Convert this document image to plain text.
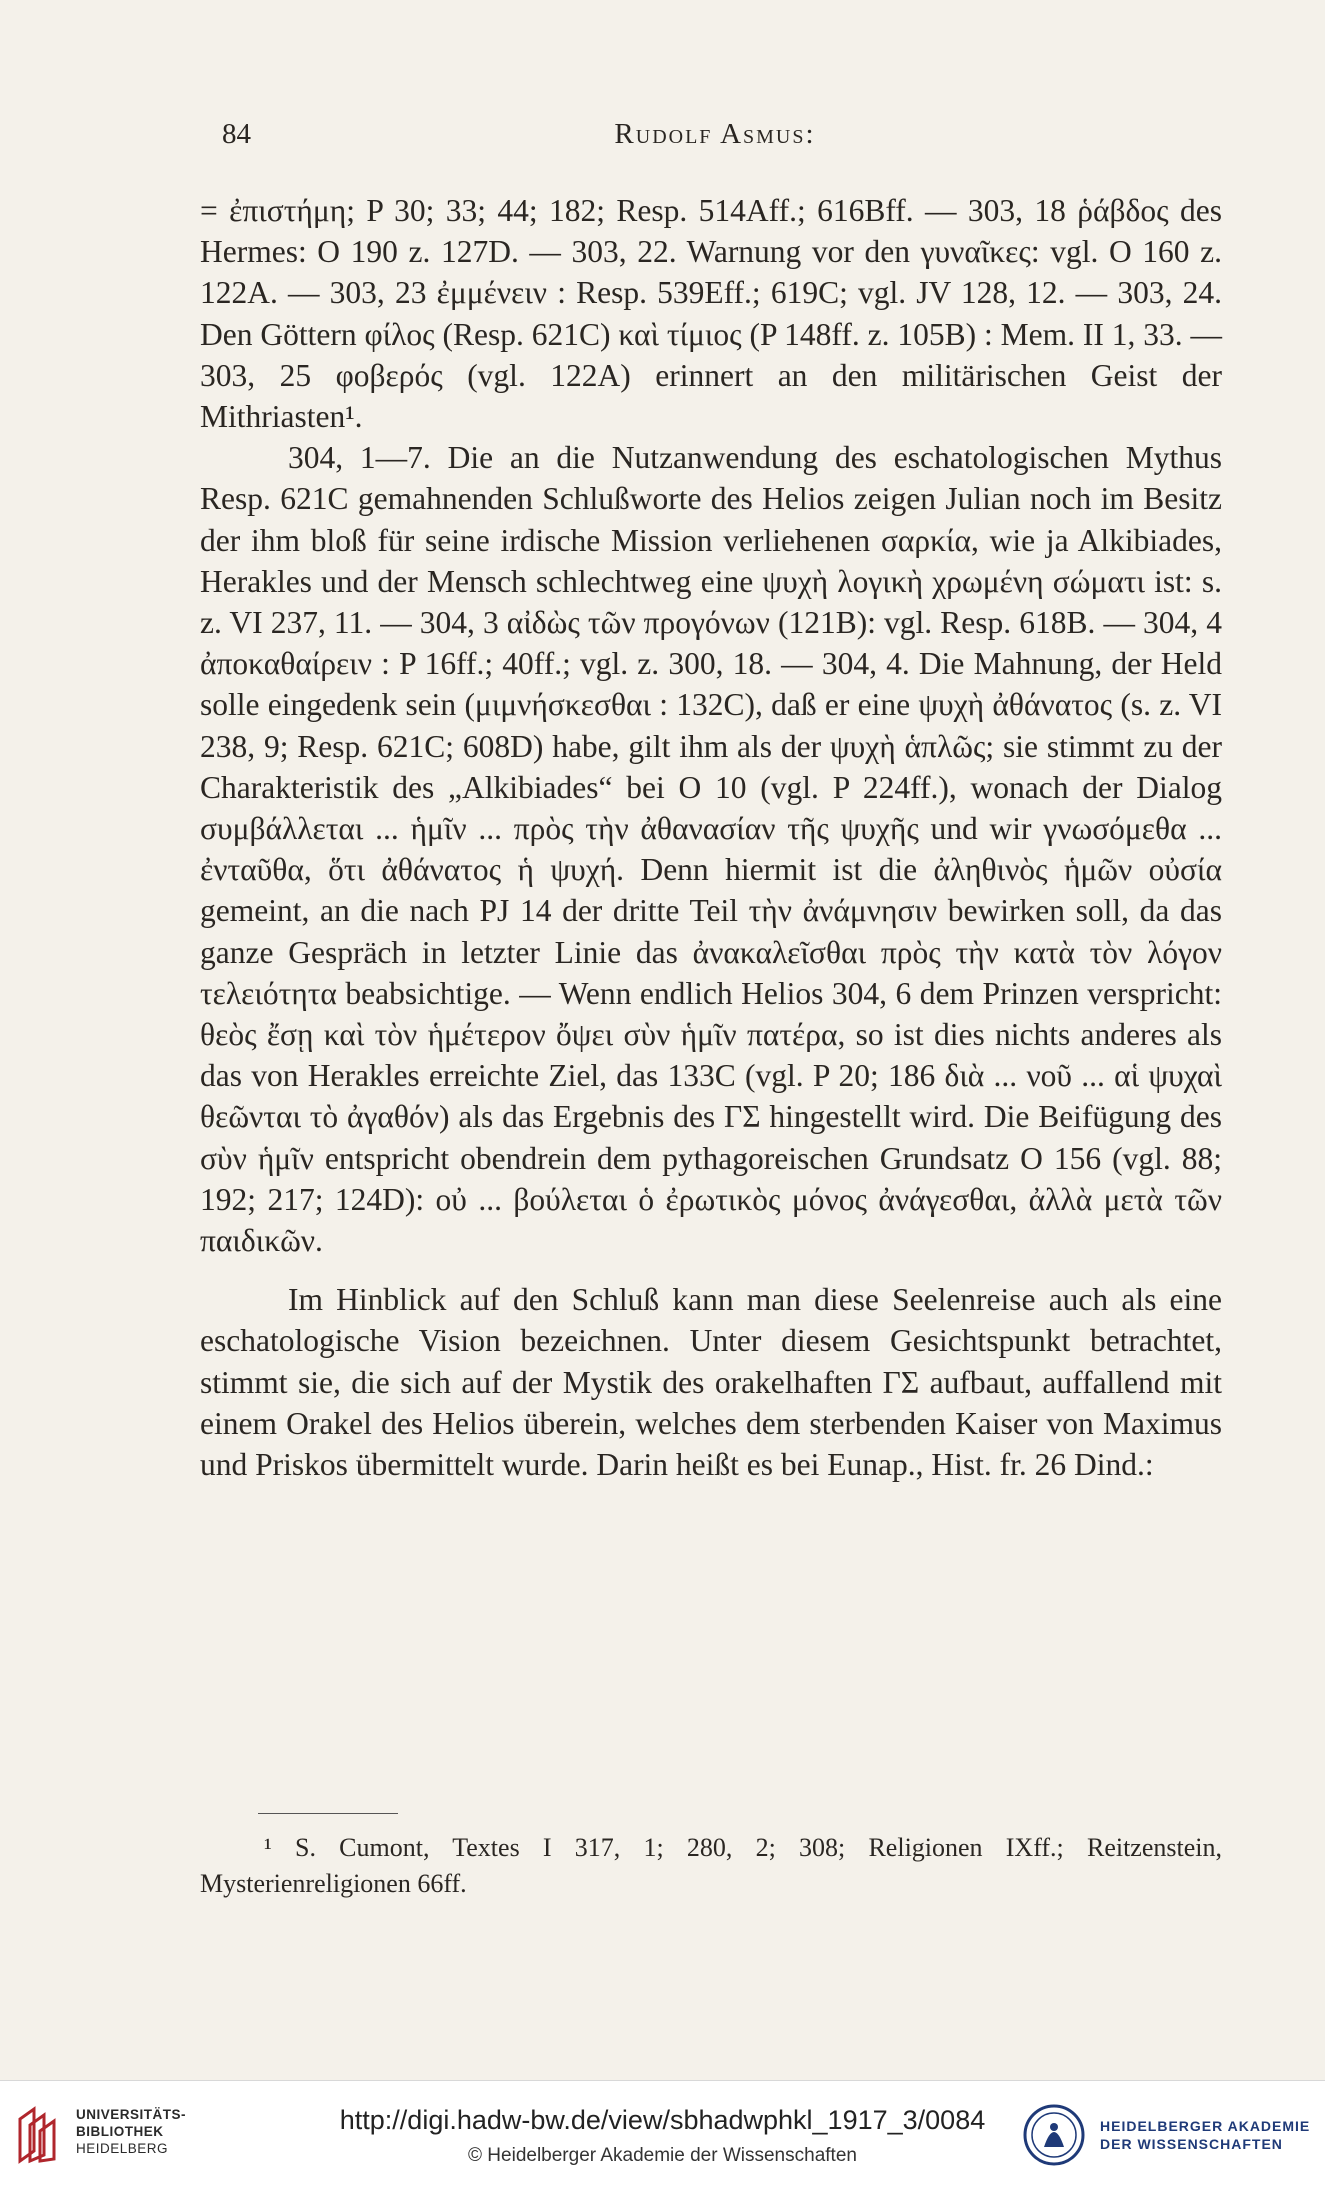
84	Rudolf Asmus:

= ἐπιστήμη; P 30; 33; 44; 182; Resp. 514Aff.; 616Bff. — 303, 18 ῥάβδος des Hermes: O 190 z. 127D. — 303, 22. Warnung vor den γυναῖκες: vgl. O 160 z. 122A. — 303, 23 ἐμμένειν : Resp. 539Eff.; 619C; vgl. JV 128, 12. — 303, 24. Den Göttern φίλος (Resp. 621C) καὶ τίμιος (P 148ff. z. 105B) : Mem. II 1, 33. — 303, 25 φοβερός (vgl. 122A) erinnert an den militärischen Geist der Mithriasten¹.

304, 1—7. Die an die Nutzanwendung des eschatologischen Mythus Resp. 621C gemahnenden Schlußworte des Helios zeigen Julian noch im Besitz der ihm bloß für seine irdische Mission verliehenen σαρκία, wie ja Alkibiades, Herakles und der Mensch schlechtweg eine ψυχὴ λογικὴ χρωμένη σώματι ist: s. z. VI 237, 11. — 304, 3 αἰδὼς τῶν προγόνων (121B): vgl. Resp. 618B. — 304, 4 ἀποκαθαίρειν : P 16ff.; 40ff.; vgl. z. 300, 18. — 304, 4. Die Mahnung, der Held solle eingedenk sein (μιμνήσκεσθαι : 132C), daß er eine ψυχὴ ἀθάνατος (s. z. VI 238, 9; Resp. 621C; 608D) habe, gilt ihm als der ψυχὴ ἁπλῶς; sie stimmt zu der Charakteristik des „Alkibiades“ bei O 10 (vgl. P 224ff.), wonach der Dialog συμβάλλεται ... ἡμῖν ... πρὸς τὴν ἀθανασίαν τῆς ψυχῆς und wir γνωσόμεθα ... ἐνταῦθα, ὅτι ἀθάνατος ἡ ψυχή. Denn hiermit ist die ἀληθινὸς ἡμῶν οὐσία gemeint, an die nach PJ 14 der dritte Teil τὴν ἀνάμνησιν bewirken soll, da das ganze Gespräch in letzter Linie das ἀνακαλεῖσθαι πρὸς τὴν κατὰ τὸν λόγον τελειότητα beabsichtige. — Wenn endlich Helios 304, 6 dem Prinzen verspricht: θεὸς ἔσῃ καὶ τὸν ἡμέτερον ὄψει σὺν ἡμῖν πατέρα, so ist dies nichts anderes als das von Herakles erreichte Ziel, das 133C (vgl. P 20; 186 διὰ ... νοῦ ... αἱ ψυχαὶ θεῶνται τὸ ἀγαθόν) als das Ergebnis des ΓΣ hingestellt wird. Die Beifügung des σὺν ἡμῖν entspricht obendrein dem pythagoreischen Grundsatz O 156 (vgl. 88; 192; 217; 124D): οὐ ... βούλεται ὁ ἐρωτικὸς μόνος ἀνάγεσθαι, ἀλλὰ μετὰ τῶν παιδικῶν.

Im Hinblick auf den Schluß kann man diese Seelenreise auch als eine eschatologische Vision bezeichnen. Unter diesem Gesichtspunkt betrachtet, stimmt sie, die sich auf der Mystik des orakelhaften ΓΣ aufbaut, auffallend mit einem Orakel des Helios überein, welches dem sterbenden Kaiser von Maximus und Priskos übermittelt wurde. Darin heißt es bei Eunap., Hist. fr. 26 Dind.:

¹ S. Cumont, Textes I 317, 1; 280, 2; 308; Religionen IXff.; Reitzenstein, Mysterienreligionen 66ff.

UNIVERSITÄTS-
BIBLIOTHEK
HEIDELBERG
http://digi.hadw-bw.de/view/sbhadwphkl_1917_3/0084
© Heidelberger Akademie der Wissenschaften
HEIDELBERGER AKADEMIE
DER WISSENSCHAFTEN
